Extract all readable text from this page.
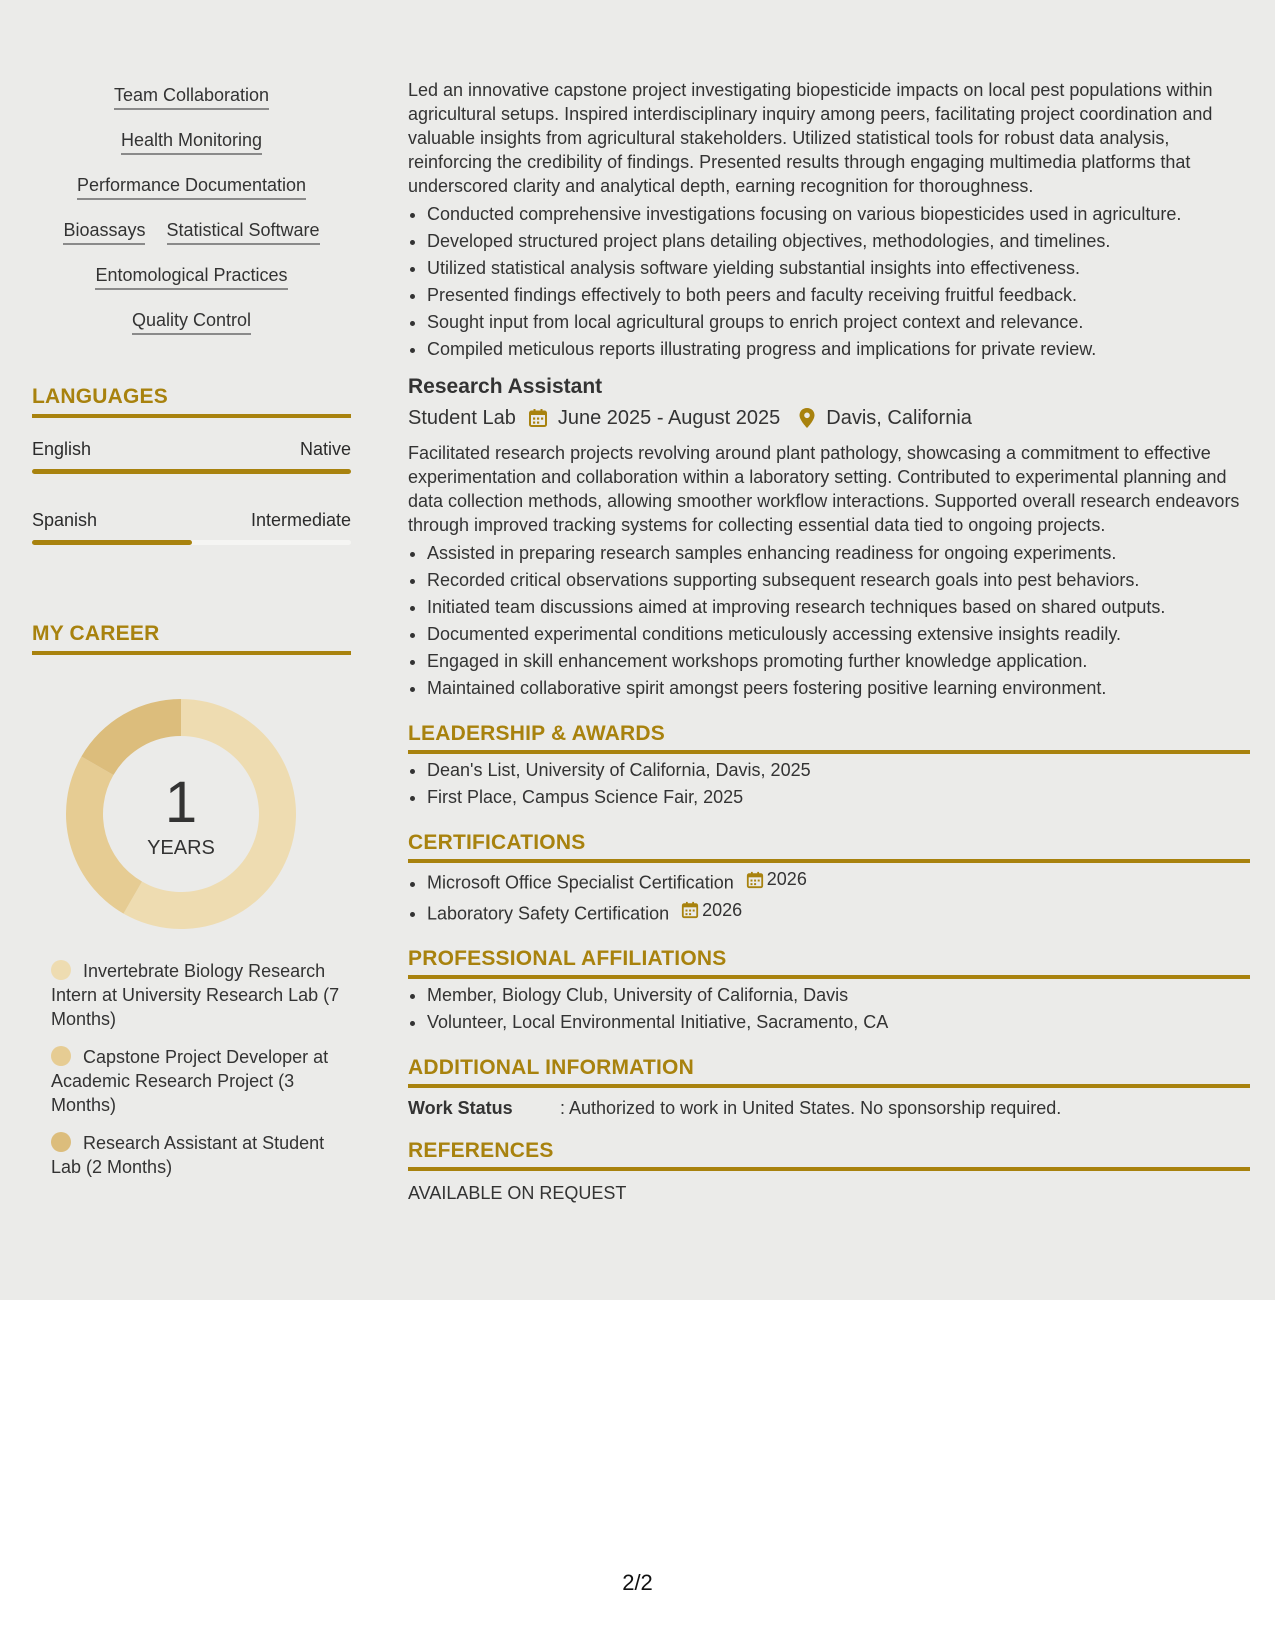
Team Collaboration
Health Monitoring
Performance Documentation
Bioassays Statistical Software
Entomological Practices
Quality Control
LANGUAGES
English	Native
Spanish	Intermediate
MY CAREER
1
YEARS
Invertebrate Biology Research Intern at University Research Lab (7 Months)
Capstone Project Developer at Academic Research Project (3 Months)
Research Assistant at Student Lab (2 Months)

Led an innovative capstone project investigating biopesticide impacts on local pest populations within agricultural setups. Inspired interdisciplinary inquiry among peers, facilitating project coordination and valuable insights from agricultural stakeholders. Utilized statistical tools for robust data analysis, reinforcing the credibility of findings. Presented results through engaging multimedia platforms that underscored clarity and analytical depth, earning recognition for thoroughness.

• Conducted comprehensive investigations focusing on various biopesticides used in agriculture.
• Developed structured project plans detailing objectives, methodologies, and timelines.
• Utilized statistical analysis software yielding substantial insights into effectiveness.
• Presented findings effectively to both peers and faculty receiving fruitful feedback.
• Sought input from local agricultural groups to enrich project context and relevance.
• Compiled meticulous reports illustrating progress and implications for private review.
Research Assistant
Student Lab June 2025 - August 2025 Davis, California

Facilitated research projects revolving around plant pathology, showcasing a commitment to effective experimentation and collaboration within a laboratory setting. Contributed to experimental planning and data collection methods, allowing smoother workflow interactions. Supported overall research endeavors through improved tracking systems for collecting essential data tied to ongoing projects.

• Assisted in preparing research samples enhancing readiness for ongoing experiments.
• Recorded critical observations supporting subsequent research goals into pest behaviors.
• Initiated team discussions aimed at improving research techniques based on shared outputs.
• Documented experimental conditions meticulously accessing extensive insights readily.
• Engaged in skill enhancement workshops promoting further knowledge application.
• Maintained collaborative spirit amongst peers fostering positive learning environment.
LEADERSHIP & AWARDS
• Dean's List, University of California, Davis, 2025
• First Place, Campus Science Fair, 2025
CERTIFICATIONS
• Microsoft Office Specialist Certification 2026
• Laboratory Safety Certification 2026
PROFESSIONAL AFFILIATIONS
• Member, Biology Club, University of California, Davis
• Volunteer, Local Environmental Initiative, Sacramento, CA
ADDITIONAL INFORMATION
Work Status	: Authorized to work in United States. No sponsorship required.
REFERENCES
AVAILABLE ON REQUEST
2/2
